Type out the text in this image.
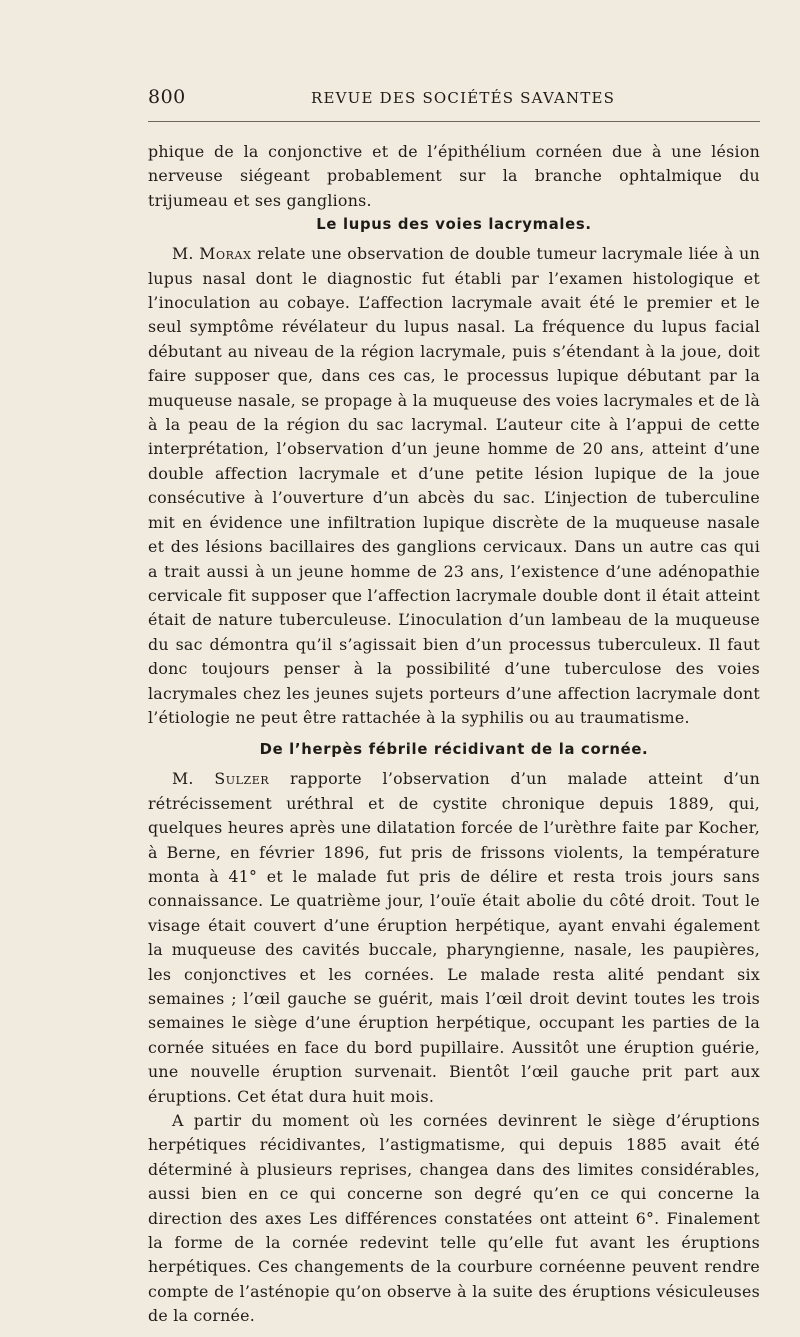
800	REVUE DES SOCIÉTÉS SAVANTES

phique de la conjonctive et de l’épithélium cornéen due à une lésion nerveuse siégeant probablement sur la branche ophtalmique du trijumeau et ses ganglions.

Le lupus des voies lacrymales.

M. Morax relate une observation de double tumeur lacrymale liée à un lupus nasal dont le diagnostic fut établi par l’examen histologique et l’inoculation au cobaye. L’affection lacrymale avait été le premier et le seul symptôme révélateur du lupus nasal. La fréquence du lupus facial débutant au niveau de la région lacrymale, puis s’étendant à la joue, doit faire supposer que, dans ces cas, le processus lupique débutant par la muqueuse nasale, se propage à la muqueuse des voies lacrymales et de là à la peau de la région du sac lacrymal. L’auteur cite à l’appui de cette interprétation, l’observation d’un jeune homme de 20 ans, atteint d’une double affection lacrymale et d’une petite lésion lupique de la joue consécutive à l’ouverture d’un abcès du sac. L’injection de tuberculine mit en évidence une infiltration lupique discrète de la muqueuse nasale et des lésions bacillaires des ganglions cervicaux. Dans un autre cas qui a trait aussi à un jeune homme de 23 ans, l’existence d’une adénopathie cervicale fit supposer que l’affection lacrymale double dont il était atteint était de nature tuberculeuse. L’inoculation d’un lambeau de la muqueuse du sac démontra qu’il s’agissait bien d’un processus tuberculeux. Il faut donc toujours penser à la possibilité d’une tuberculose des voies lacrymales chez les jeunes sujets porteurs d’une affection lacrymale dont l’étiologie ne peut être rattachée à la syphilis ou au traumatisme.

De l’herpès fébrile récidivant de la cornée.

M. Sulzer rapporte l’observation d’un malade atteint d’un rétrécissement uréthral et de cystite chronique depuis 1889, qui, quelques heures après une dilatation forcée de l’urèthre faite par Kocher, à Berne, en février 1896, fut pris de frissons violents, la température monta à 41° et le malade fut pris de délire et resta trois jours sans connaissance. Le quatrième jour, l’ouïe était abolie du côté droit. Tout le visage était couvert d’une éruption herpétique, ayant envahi également la muqueuse des cavités buccale, pharyngienne, nasale, les paupières, les conjonctives et les cornées. Le malade resta alité pendant six semaines ; l’œil gauche se guérit, mais l’œil droit devint toutes les trois semaines le siège d’une éruption herpétique, occupant les parties de la cornée situées en face du bord pupillaire. Aussitôt une éruption guérie, une nouvelle éruption survenait. Bientôt l’œil gauche prit part aux éruptions. Cet état dura huit mois.

A partir du moment où les cornées devinrent le siège d’éruptions herpétiques récidivantes, l’astigmatisme, qui depuis 1885 avait été déterminé à plusieurs reprises, changea dans des limites considérables, aussi bien en ce qui concerne son degré qu’en ce qui concerne la direction des axes Les différences constatées ont atteint 6°. Finalement la forme de la cornée redevint telle qu’elle fut avant les éruptions herpétiques. Ces changements de la courbure cornéenne peuvent rendre compte de l’asténopie qu’on observe à la suite des éruptions vésiculeuses de la cornée.
